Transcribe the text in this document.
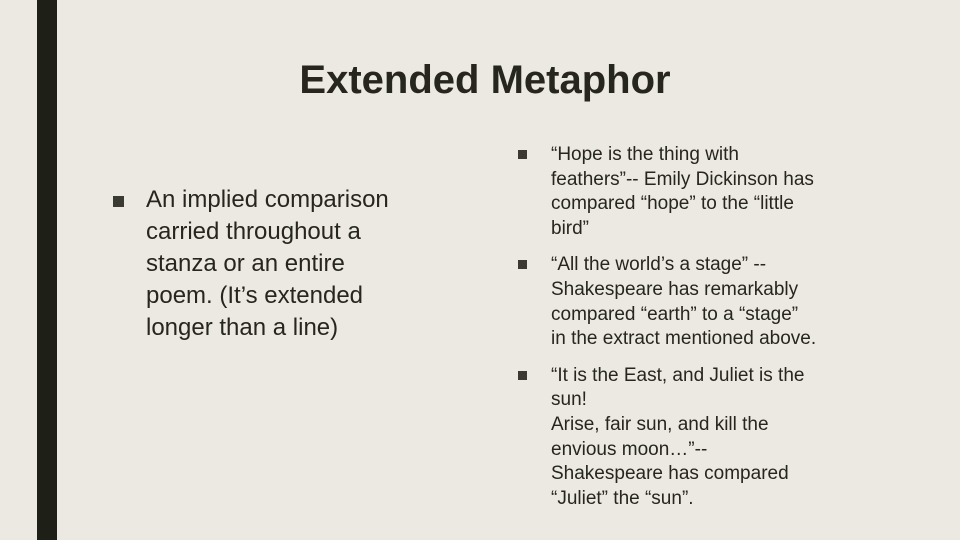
Extended Metaphor
An implied comparison
carried throughout a
stanza or an entire
poem. (It’s extended
longer than a line)
“Hope is the thing with
feathers”-- Emily Dickinson has
compared “hope” to the “little
bird”
“All the world’s a stage” --
Shakespeare has remarkably
compared “earth” to a “stage”
in the extract mentioned above.
“It is the East, and Juliet is the
sun!
Arise, fair sun, and kill the
envious moon…”--
Shakespeare has compared
“Juliet” the “sun”.
